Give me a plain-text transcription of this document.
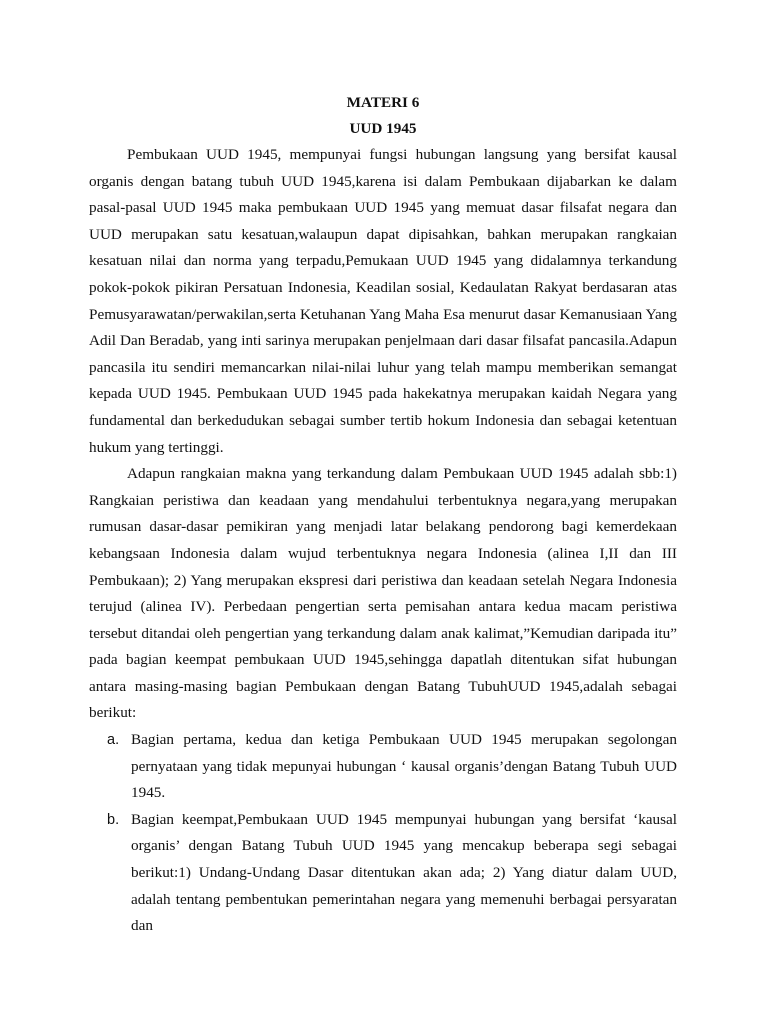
MATERI 6

UUD 1945

Pembukaan UUD 1945, mempunyai fungsi hubungan langsung yang bersifat kausal organis dengan batang tubuh UUD 1945,karena isi dalam Pembukaan dijabarkan ke dalam pasal-pasal UUD 1945 maka pembukaan UUD 1945 yang memuat dasar filsafat negara dan UUD merupakan satu kesatuan,walaupun dapat dipisahkan, bahkan merupakan rangkaian kesatuan nilai dan norma yang terpadu,Pemukaan UUD 1945 yang didalamnya terkandung pokok-pokok pikiran Persatuan Indonesia, Keadilan sosial, Kedaulatan Rakyat berdasaran atas Pemusyarawatan/perwakilan,serta Ketuhanan Yang Maha Esa menurut dasar Kemanusiaan Yang Adil Dan Beradab, yang inti sarinya merupakan penjelmaan dari dasar filsafat pancasila.Adapun pancasila itu sendiri memancarkan nilai-nilai luhur yang telah mampu memberikan semangat kepada UUD 1945. Pembukaan UUD 1945 pada hakekatnya merupakan kaidah Negara yang fundamental dan berkedudukan sebagai sumber tertib hokum Indonesia dan sebagai ketentuan hukum yang tertinggi.

Adapun rangkaian makna yang terkandung dalam Pembukaan UUD 1945 adalah sbb:1) Rangkaian peristiwa dan keadaan yang mendahului terbentuknya negara,yang merupakan rumusan dasar-dasar pemikiran yang menjadi latar belakang pendorong bagi kemerdekaan kebangsaan Indonesia dalam wujud terbentuknya negara Indonesia (alinea I,II dan III Pembukaan); 2) Yang merupakan ekspresi dari peristiwa dan keadaan setelah Negara Indonesia terujud (alinea IV). Perbedaan pengertian serta pemisahan antara kedua macam peristiwa tersebut ditandai oleh pengertian yang terkandung dalam anak kalimat,”Kemudian daripada itu” pada bagian keempat pembukaan UUD 1945,sehingga dapatlah ditentukan sifat hubungan antara masing-masing bagian Pembukaan dengan Batang TubuhUUD 1945,adalah sebagai berikut:

a. Bagian pertama, kedua dan ketiga Pembukaan UUD 1945 merupakan segolongan pernyataan yang tidak mepunyai hubungan ‘ kausal organis’dengan Batang Tubuh UUD 1945.
b. Bagian keempat,Pembukaan UUD 1945 mempunyai hubungan yang bersifat ‘kausal organis’ dengan Batang Tubuh UUD 1945 yang mencakup beberapa segi sebagai berikut:1) Undang-Undang Dasar ditentukan akan ada; 2) Yang diatur dalam UUD, adalah tentang pembentukan pemerintahan negara yang memenuhi berbagai persyaratan dan
